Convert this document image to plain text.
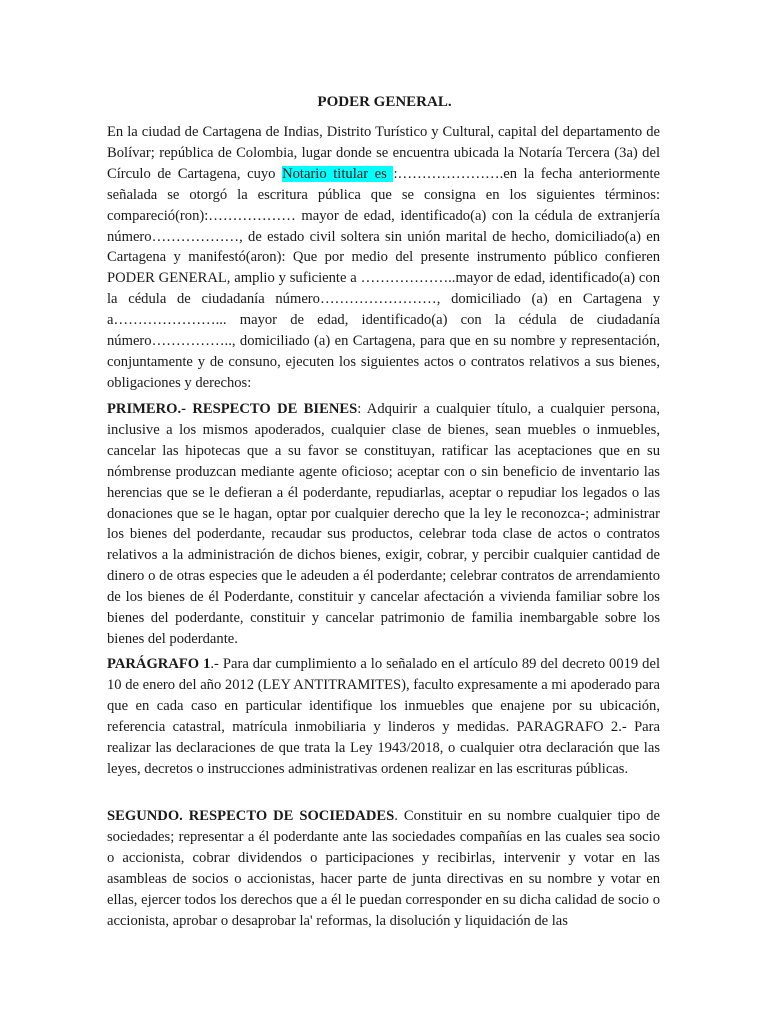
PODER GENERAL.

En la ciudad de Cartagena de Indias, Distrito Turístico y Cultural, capital del departamento de Bolívar; república de Colombia, lugar donde se encuentra ubicada la Notaría Tercera (3a) del Círculo de Cartagena, cuyo Notario titular es :………………….en la fecha anteriormente señalada se otorgó la escritura pública que se consigna en los siguientes términos: compareció(ron):……………… mayor de edad, identificado(a) con la cédula de extranjería número………………, de estado civil soltera sin unión marital de hecho, domiciliado(a) en Cartagena y manifestó(aron): Que por medio del presente instrumento público confieren PODER GENERAL, amplio y suficiente a ………………..mayor de edad, identificado(a) con la cédula de ciudadanía número……………………, domiciliado (a) en Cartagena y a…………………... mayor de edad, identificado(a) con la cédula de ciudadanía número…………….., domiciliado (a) en Cartagena, para que en su nombre y representación, conjuntamente y de consuno, ejecuten los siguientes actos o contratos relativos a sus bienes, obligaciones y derechos:

PRIMERO.- RESPECTO DE BIENES: Adquirir a cualquier título, a cualquier persona, inclusive a los mismos apoderados, cualquier clase de bienes, sean muebles o inmuebles, cancelar las hipotecas que a su favor se constituyan, ratificar las aceptaciones que en su nómbrense produzcan mediante agente oficioso; aceptar con o sin beneficio de inventario las herencias que se le defieran a él poderdante, repudiarlas, aceptar o repudiar los legados o las donaciones que se le hagan, optar por cualquier derecho que la ley le reconozca-; administrar los bienes del poderdante, recaudar sus productos, celebrar toda clase de actos o contratos relativos a la administración de dichos bienes, exigir, cobrar, y percibir cualquier cantidad de dinero o de otras especies que le adeuden a él poderdante; celebrar contratos de arrendamiento de los bienes de él Poderdante, constituir y cancelar afectación a vivienda familiar sobre los bienes del poderdante, constituir y cancelar patrimonio de familia inembargable sobre los bienes del poderdante.

PARÁGRAFO 1.- Para dar cumplimiento a lo señalado en el artículo 89 del decreto 0019 del 10 de enero del año 2012 (LEY ANTITRAMITES), faculto expresamente a mi apoderado para que en cada caso en particular identifique los inmuebles que enajene por su ubicación, referencia catastral, matrícula inmobiliaria y linderos y medidas. PARAGRAFO 2.- Para realizar las declaraciones de que trata la Ley 1943/2018, o cualquier otra declaración que las leyes, decretos o instrucciones administrativas ordenen realizar en las escrituras públicas.

SEGUNDO. RESPECTO DE SOCIEDADES. Constituir en su nombre cualquier tipo de sociedades; representar a él poderdante ante las sociedades compañías en las cuales sea socio o accionista, cobrar dividendos o participaciones y recibirlas, intervenir y votar en las asambleas de socios o accionistas, hacer parte de junta directivas en su nombre y votar en ellas, ejercer todos los derechos que a él le puedan corresponder en su dicha calidad de socio o accionista, aprobar o desaprobar la' reformas, la disolución y liquidación de las
